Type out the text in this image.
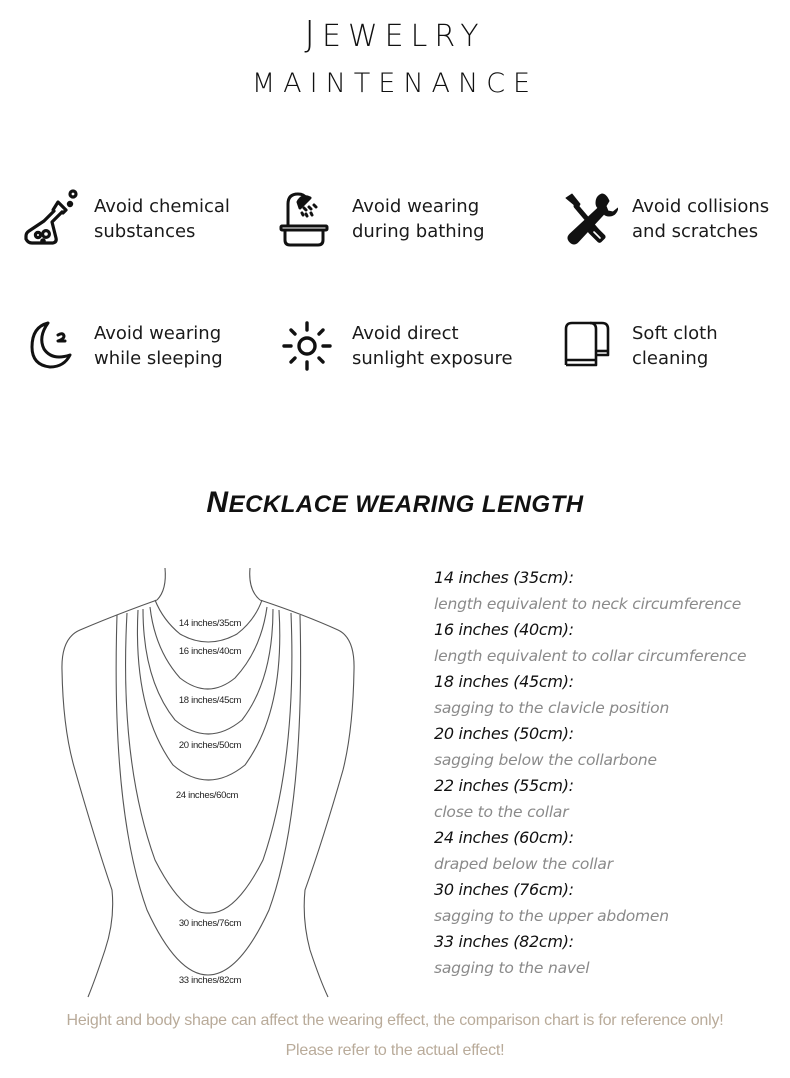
JEWELRY
MAINTENANCE
Avoid chemical
substances
Avoid wearing
during bathing
Avoid collisions
and scratches
Avoid wearing
while sleeping
Avoid direct
sunlight exposure
Soft cloth
cleaning
NECKLACE WEARING LENGTH
14 inches/35cm
16 inches/40cm
18 inches/45cm
20 inches/50cm
24 inches/60cm
30 inches/76cm
33 inches/82cm
14 inches (35cm):
length equivalent to neck circumference
16 inches (40cm):
length equivalent to collar circumference
18 inches (45cm):
sagging to the clavicle position
20 inches (50cm):
sagging below the collarbone
22 inches (55cm):
close to the collar
24 inches (60cm):
draped below the collar
30 inches (76cm):
sagging to the upper abdomen
33 inches (82cm):
sagging to the navel
Height and body shape can affect the wearing effect, the comparison chart is for reference only!
Please refer to the actual effect!
